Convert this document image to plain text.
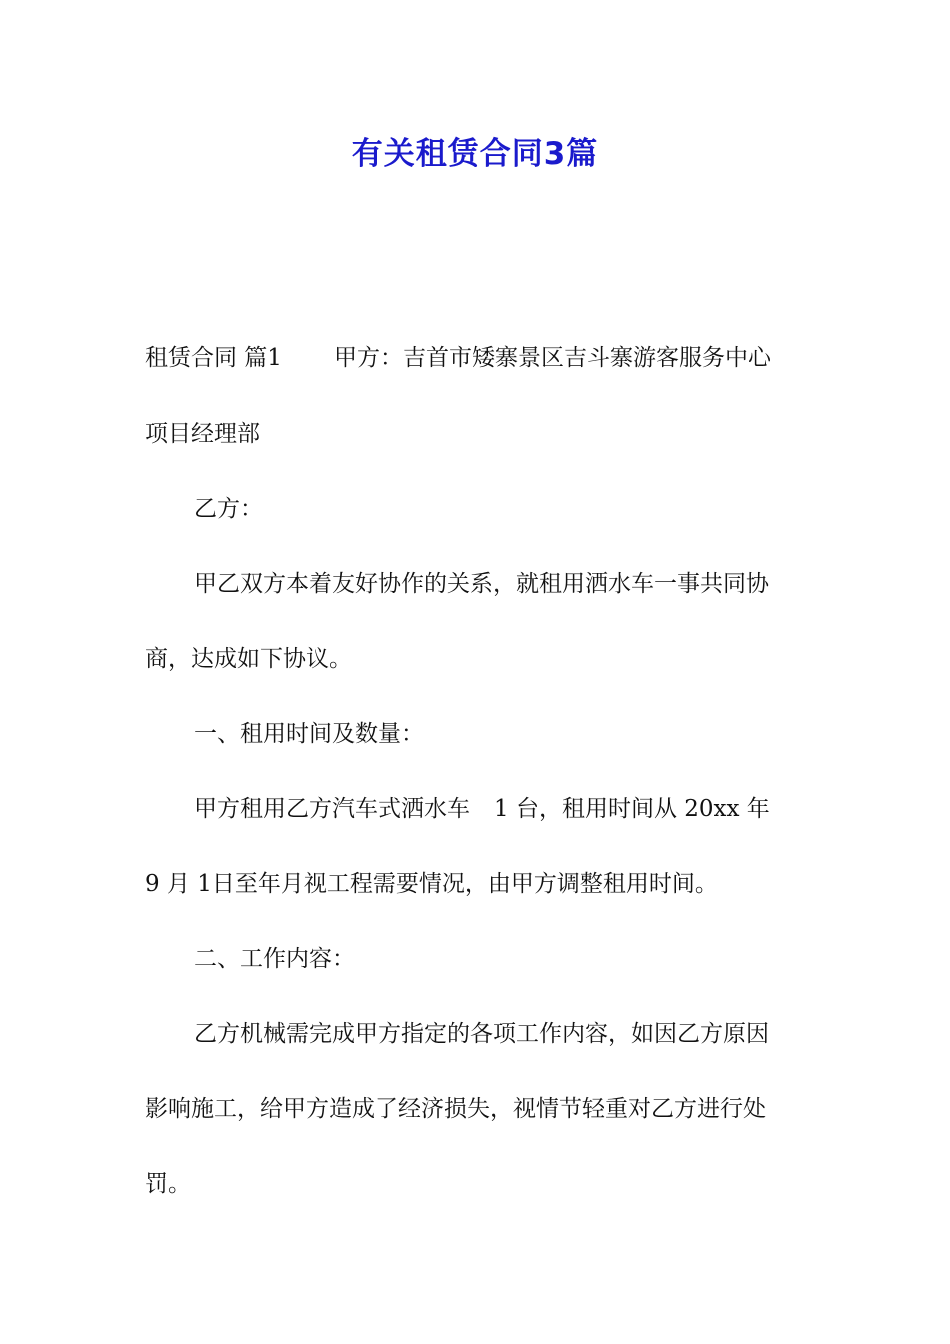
有关租赁合同3篇
租赁合同 篇1 甲方：吉首市矮寨景区吉斗寨游客服务中心
项目经理部
乙方：
甲乙双方本着友好协作的关系，就租用洒水车一事共同协
商，达成如下协议。
一、租用时间及数量：
甲方租用乙方汽车式洒水车 1 台，租用时间从 20xx 年
9 月 1日至年月视工程需要情况，由甲方调整租用时间。
二、工作内容：
乙方机械需完成甲方指定的各项工作内容，如因乙方原因
影响施工，给甲方造成了经济损失，视情节轻重对乙方进行处
罚。
